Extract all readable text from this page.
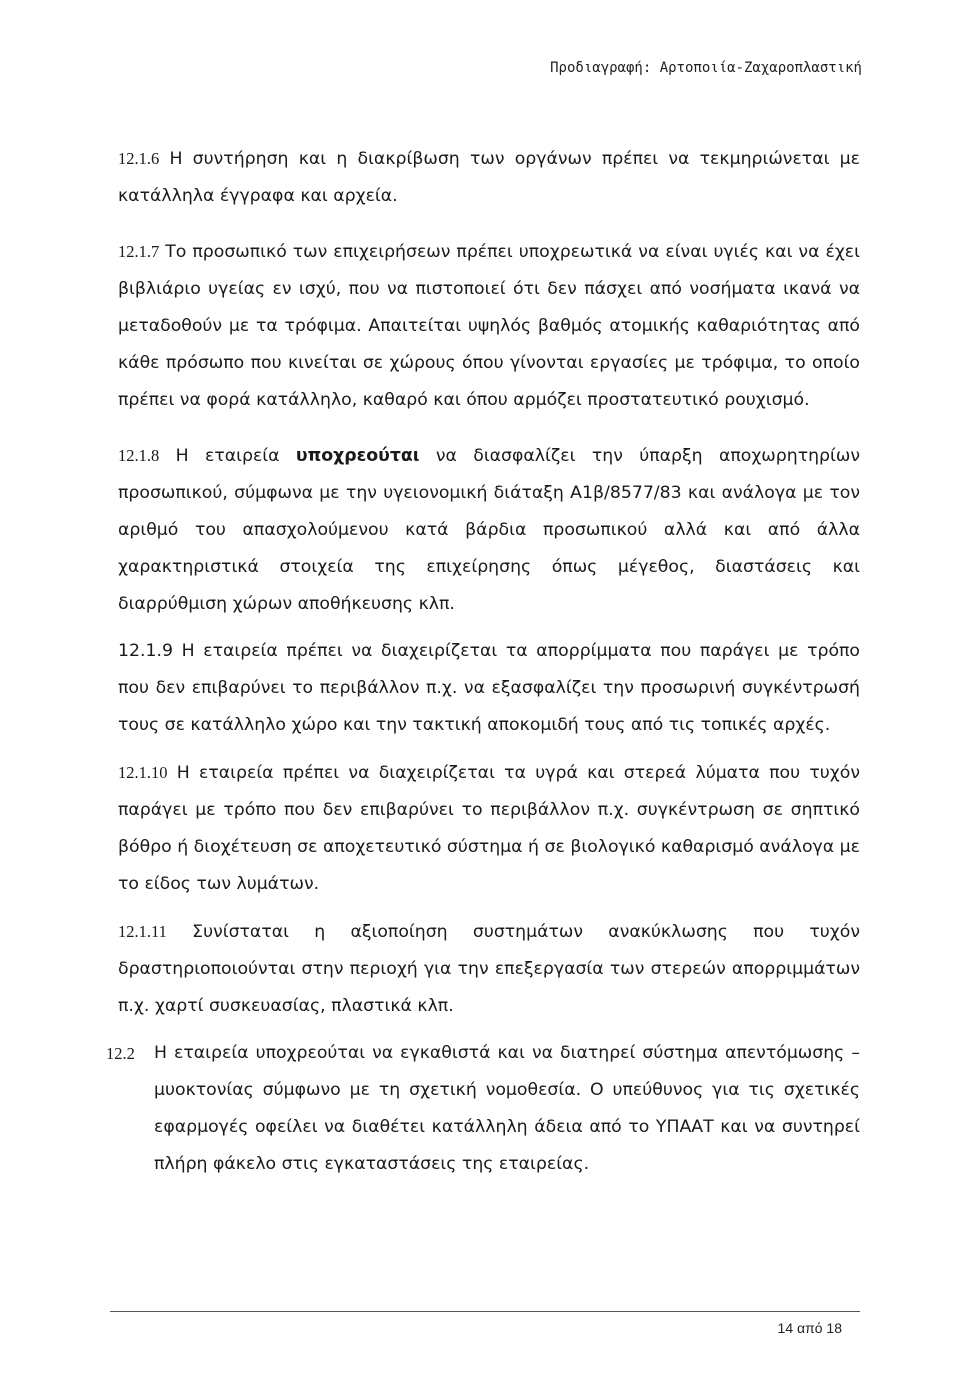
Προδιαγραφή: Αρτοποιία-Ζαχαροπλαστική

12.1.6 Η συντήρηση και η διακρίβωση των οργάνων πρέπει να τεκμηριώνεται με κατάλληλα έγγραφα και αρχεία.

12.1.7 Το προσωπικό των επιχειρήσεων πρέπει υποχρεωτικά να είναι υγιές και να έχει βιβλιάριο υγείας εν ισχύ, που να πιστοποιεί ότι δεν πάσχει από νοσήματα ικανά να μεταδοθούν με τα τρόφιμα. Απαιτείται υψηλός βαθμός ατομικής καθαριότητας από κάθε πρόσωπο που κινείται σε χώρους όπου γίνονται εργασίες με τρόφιμα, το οποίο πρέπει να φορά κατάλληλο, καθαρό και όπου αρμόζει προστατευτικό ρουχισμό.

12.1.8 Η εταιρεία υποχρεούται να διασφαλίζει την ύπαρξη αποχωρητηρίων προσωπικού, σύμφωνα με την υγειονομική διάταξη Α1β/8577/83 και ανάλογα με τον αριθμό του απασχολούμενου κατά βάρδια προσωπικού αλλά και από άλλα χαρακτηριστικά στοιχεία της επιχείρησης όπως μέγεθος, διαστάσεις και διαρρύθμιση χώρων αποθήκευσης κλπ.

12.1.9 Η εταιρεία πρέπει να διαχειρίζεται τα απορρίμματα που παράγει με τρόπο που δεν επιβαρύνει το περιβάλλον π.χ. να εξασφαλίζει την προσωρινή συγκέντρωσή τους σε κατάλληλο χώρο και την τακτική αποκομιδή τους από τις τοπικές αρχές.

12.1.10 Η εταιρεία πρέπει να διαχειρίζεται τα υγρά και στερεά λύματα που τυχόν παράγει με τρόπο που δεν επιβαρύνει το περιβάλλον π.χ. συγκέντρωση σε σηπτικό βόθρο ή διοχέτευση σε αποχετευτικό σύστημα ή σε βιολογικό καθαρισμό ανάλογα με το είδος των λυμάτων.

12.1.11 Συνίσταται η αξιοποίηση συστημάτων ανακύκλωσης που τυχόν δραστηριοποιούνται στην περιοχή για την επεξεργασία των στερεών απορριμμάτων π.χ. χαρτί συσκευασίας, πλαστικά κλπ.

12.2 Η εταιρεία υποχρεούται να εγκαθιστά και να διατηρεί σύστημα απεντόμωσης – μυοκτονίας σύμφωνο με τη σχετική νομοθεσία. Ο υπεύθυνος για τις σχετικές εφαρμογές οφείλει να διαθέτει κατάλληλη άδεια από το ΥΠΑΑΤ και να συντηρεί πλήρη φάκελο στις εγκαταστάσεις της εταιρείας.

14 από 18
